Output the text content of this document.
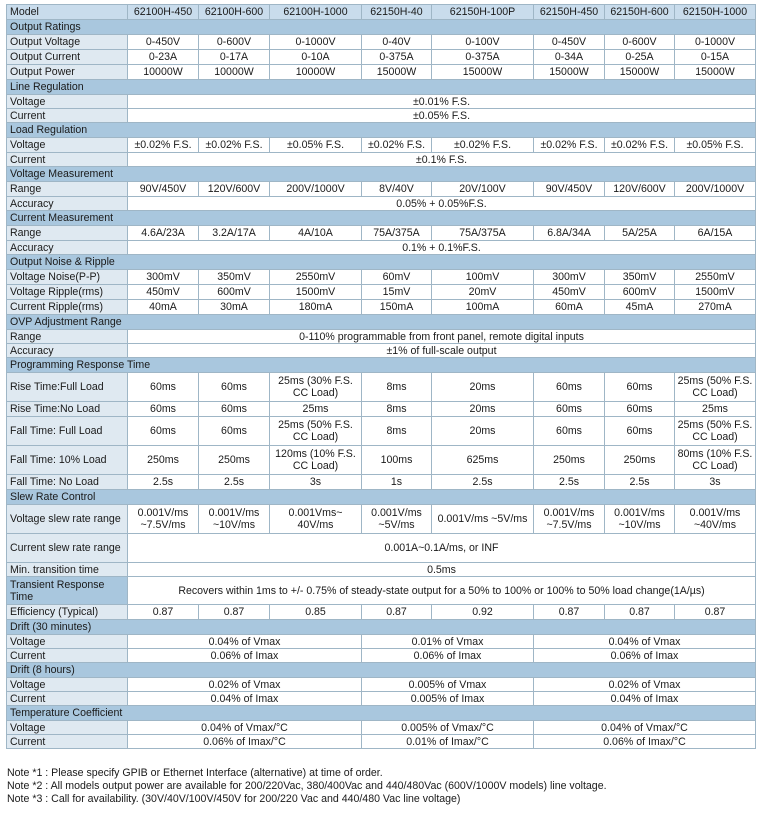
Model	62100H-450	62100H-600	62100H-1000	62150H-40	62150H-100P	62150H-450	62150H-600	62150H-1000
Output Ratings								
Output Voltage	0-450V	0-600V	0-1000V	0-40V	0-100V	0-450V	0-600V	0-1000V
Output Current	0-23A	0-17A	0-10A	0-375A	0-375A	0-34A	0-25A	0-15A
Output Power	10000W	10000W	10000W	15000W	15000W	15000W	15000W	15000W
Line Regulation								
Voltage	±0.01% F.S.							
Current	±0.05% F.S.							
Load Regulation								
Voltage	±0.02% F.S.	±0.02% F.S.	±0.05% F.S.	±0.02% F.S.	±0.02% F.S.	±0.02% F.S.	±0.02% F.S.	±0.05% F.S.
Current	±0.1% F.S.							
Voltage Measurement								
Range	90V/450V	120V/600V	200V/1000V	8V/40V	20V/100V	90V/450V	120V/600V	200V/1000V
Accuracy	0.05% + 0.05%F.S.							
Current Measurement								
Range	4.6A/23A	3.2A/17A	4A/10A	75A/375A	75A/375A	6.8A/34A	5A/25A	6A/15A
Accuracy	0.1% + 0.1%F.S.							
Output Noise & Ripple								
Voltage Noise(P-P)	300mV	350mV	2550mV	60mV	100mV	300mV	350mV	2550mV
Voltage Ripple(rms)	450mV	600mV	1500mV	15mV	20mV	450mV	600mV	1500mV
Current Ripple(rms)	40mA	30mA	180mA	150mA	100mA	60mA	45mA	270mA
OVP Adjustment Range								
Range	0-110% programmable from front panel, remote digital inputs							
Accuracy	±1% of full-scale output							
Programming Response Time								
Rise Time:Full Load	60ms	60ms	25ms (30% F.S. CC Load)	8ms	20ms	60ms	60ms	25ms (50% F.S. CC Load)
Rise Time:No Load	60ms	60ms	25ms	8ms	20ms	60ms	60ms	25ms
Fall Time: Full Load	60ms	60ms	25ms (50% F.S. CC Load)	8ms	20ms	60ms	60ms	25ms (50% F.S. CC Load)
Fall Time: 10% Load	250ms	250ms	120ms (10% F.S. CC Load)	100ms	625ms	250ms	250ms	80ms (10% F.S. CC Load)
Fall Time: No Load	2.5s	2.5s	3s	1s	2.5s	2.5s	2.5s	3s
Slew Rate Control								
Voltage slew rate range	0.001V/ms ~7.5V/ms	0.001V/ms ~10V/ms	0.001Vms~ 40V/ms	0.001V/ms ~5V/ms	0.001V/ms ~5V/ms	0.001V/ms ~7.5V/ms	0.001V/ms ~10V/ms	0.001V/ms ~40V/ms
Current slew rate range	0.001A~0.1A/ms, or INF							
Min. transition time	0.5ms							
Transient Response Time	Recovers within 1ms to +/- 0.75% of steady-state output for a 50% to 100% or 100% to 50% load change(1A/µs)							
Efficiency (Typical)	0.87	0.87	0.85	0.87	0.92	0.87	0.87	0.87
Drift (30 minutes)								
Voltage	0.04% of Vmax			0.01% of Vmax		0.04% of Vmax		
Current	0.06% of Imax			0.06% of Imax		0.06% of Imax		
Drift (8 hours)								
Voltage	0.02% of Vmax			0.005% of Vmax		0.02% of Vmax		
Current	0.04% of Imax			0.005% of Imax		0.04% of Imax		
Temperature Coefficient								
Voltage	0.04% of Vmax/°C			0.005% of Vmax/°C		0.04% of Vmax/°C		
Current	0.06% of Imax/°C			0.01% of Imax/°C		0.06% of Imax/°C		
Note *1 : Please specify GPIB or Ethernet Interface (alternative) at time of order.
Note *2 : All models output power are available for 200/220Vac, 380/400Vac and 440/480Vac (600V/1000V models) line voltage.
Note *3 : Call for availability. (30V/40V/100V/450V for 200/220 Vac and 440/480 Vac line voltage)
